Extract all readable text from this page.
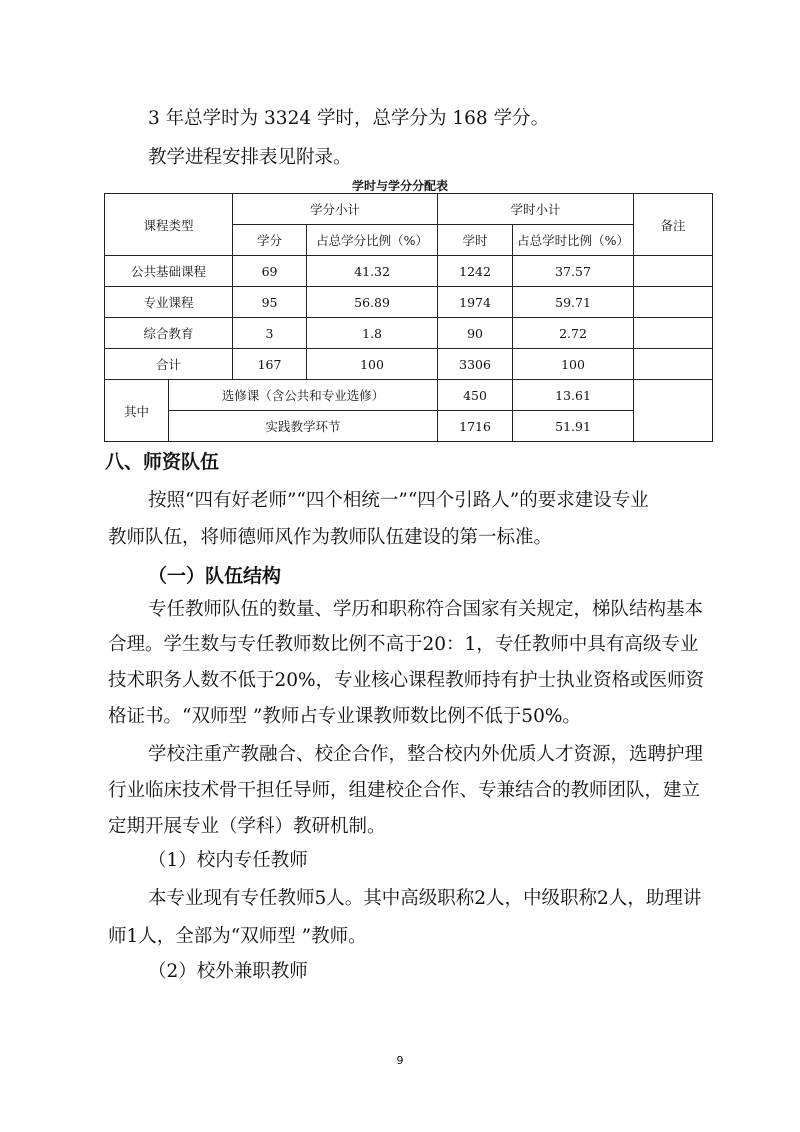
3 年总学时为 3324 学时，总学分为 168 学分。
教学进程安排表见附录。
学时与学分分配表
课程类型		学分小计		学时小计		备注
		学分	占总学分比例（%）	学时	占总学时比例（%）	
公共基础课程		69	41.32	1242	37.57	
专业课程		95	56.89	1974	59.71	
综合教育		3	1.8	90	2.72	
合计		167	100	3306	100	
其中	选修课（含公共和专业选修）			450	13.61	
	实践教学环节			1716	51.91	
八、师资队伍
按照“四有好老师”“四个相统一”“四个引路人”的要求建设专业
教师队伍，将师德师风作为教师队伍建设的第一标准。
（一）队伍结构
专任教师队伍的数量、学历和职称符合国家有关规定，梯队结构基本
合理。学生数与专任教师数比例不高于20：1，专任教师中具有高级专业
技术职务人数不低于20%，专业核心课程教师持有护士执业资格或医师资
格证书。“双师型 ”教师占专业课教师数比例不低于50%。
学校注重产教融合、校企合作，整合校内外优质人才资源，选聘护理
行业临床技术骨干担任导师，组建校企合作、专兼结合的教师团队，建立
定期开展专业（学科）教研机制。
（1）校内专任教师
本专业现有专任教师5人。其中高级职称2人，中级职称2人，助理讲
师1人，全部为“双师型 ”教师。
（2）校外兼职教师
9
